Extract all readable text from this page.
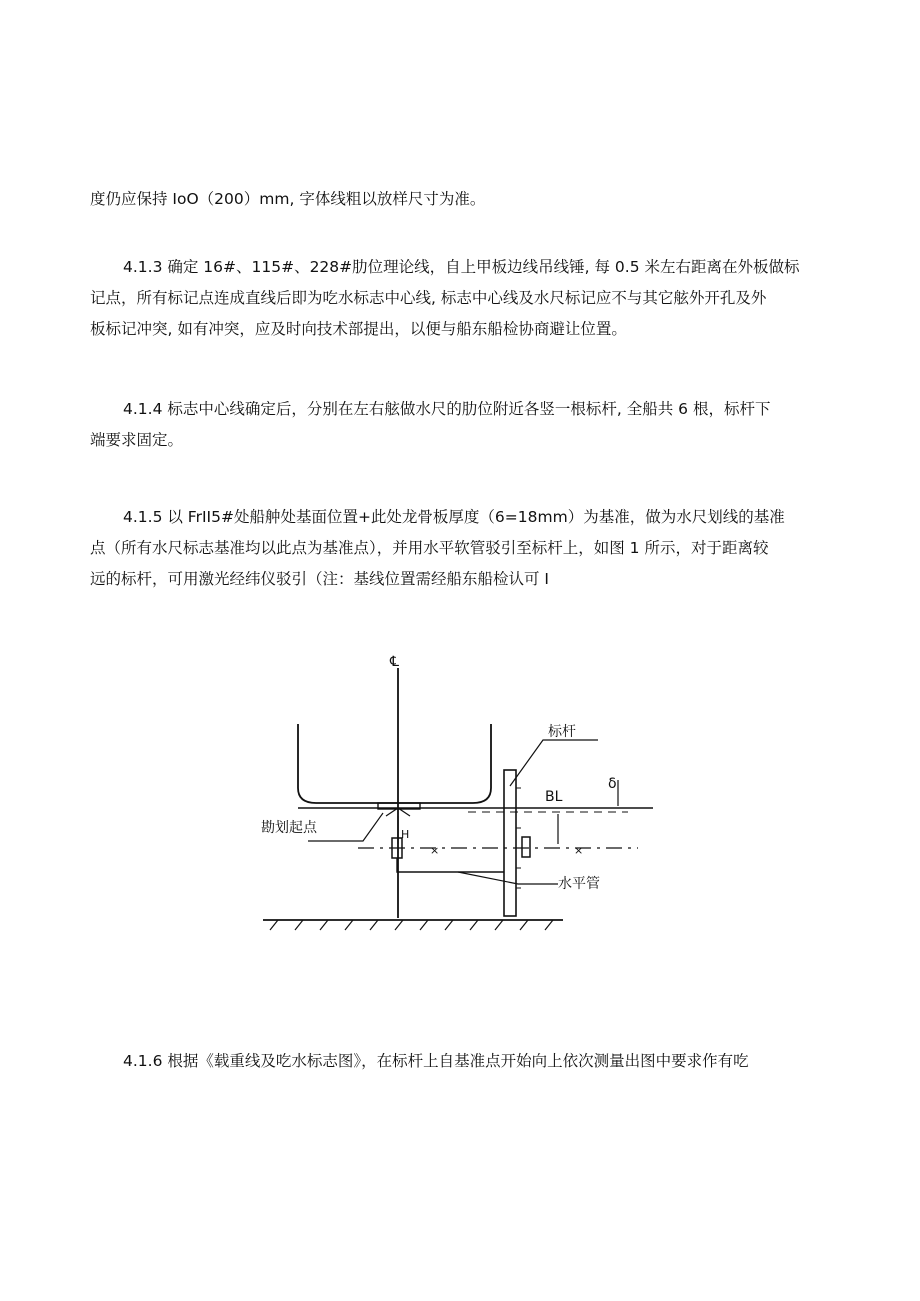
度仍应保持 IoO（200）mm, 字体线粗以放样尺寸为准。
4.1.3 确定 16#、115#、228#肋位理论线，自上甲板边线吊线锤, 每 0.5 米左右距离在外板做标
记点，所有标记点连成直线后即为吃水标志中心线, 标志中心线及水尺标记应不与其它舷外开孔及外
板标记冲突, 如有冲突，应及时向技术部提出，以便与船东船检协商避让位置。
4.1.4 标志中心线确定后，分别在左右舷做水尺的肋位附近各竖一根标杆, 全船共 6 根，标杆下
端要求固定。
4.1.5 以 FrII5#处船舯处基面位置+此处龙骨板厚度（6=18mm）为基准，做为水尺划线的基准
点（所有水尺标志基准均以此点为基准点），并用水平软管驳引至标杆上，如图 1 所示，对于距离较
远的标杆，可用激光经纬仪驳引（注：基线位置需经船东船检认可 I
℄
标杆
BL
δ
勘划起点
水平管
H
×	×
4.1.6 根据《载重线及吃水标志图》，在标杆上自基准点开始向上依次测量出图中要求作有吃
